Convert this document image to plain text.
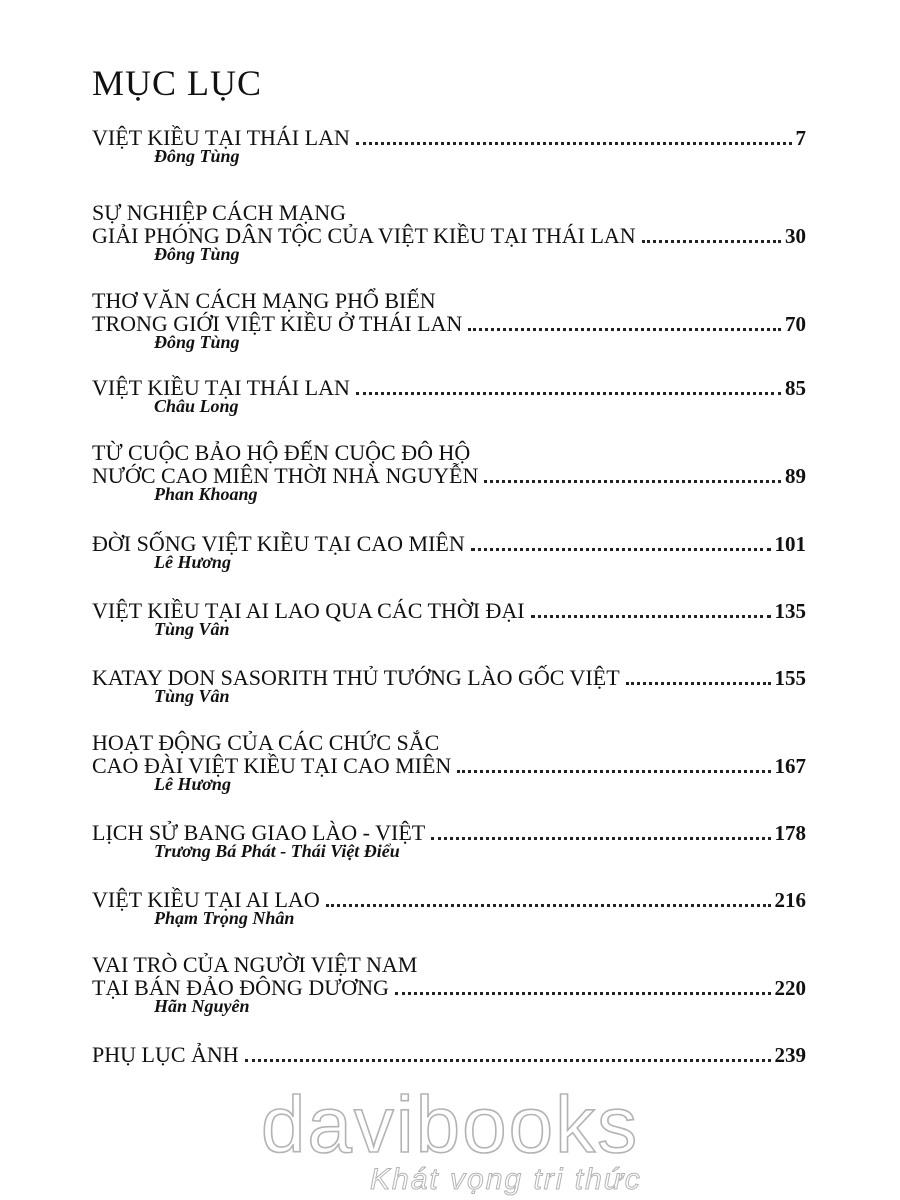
MỤC LỤC
VIỆT KIỀU TẠI THÁI LAN	7
Đông Tùng
SỰ NGHIỆP CÁCH MẠNG
GIẢI PHÓNG DÂN TỘC CỦA VIỆT KIỀU TẠI THÁI LAN	30
Đông Tùng
THƠ VĂN CÁCH MẠNG PHỔ BIẾN
TRONG GIỚI VIỆT KIỀU Ở THÁI LAN	70
Đông Tùng
VIỆT KIỀU TẠI THÁI LAN	85
Châu Long
TỪ CUỘC BẢO HỘ ĐẾN CUỘC ĐÔ HỘ
NƯỚC CAO MIÊN THỜI NHÀ NGUYỄN	89
Phan Khoang
ĐỜI SỐNG VIỆT KIỀU TẠI CAO MIÊN	101
Lê Hương
VIỆT KIỀU TẠI AI LAO QUA CÁC THỜI ĐẠI	135
Tùng Vân
KATAY DON SASORITH THỦ TƯỚNG LÀO GỐC VIỆT	155
Tùng Vân
HOẠT ĐỘNG CỦA CÁC CHỨC SẮC
CAO ĐÀI VIỆT KIỀU TẠI CAO MIÊN	167
Lê Hương
LỊCH SỬ BANG GIAO LÀO - VIỆT	178
Trương Bá Phát - Thái Việt Điểu
VIỆT KIỀU TẠI AI LAO	216
Phạm Trọng Nhân
VAI TRÒ CỦA NGƯỜI VIỆT NAM
TẠI BÁN ĐẢO ĐÔNG DƯƠNG	220
Hãn Nguyên
PHỤ LỤC ẢNH	239
davibooks
Khát vọng tri thức
